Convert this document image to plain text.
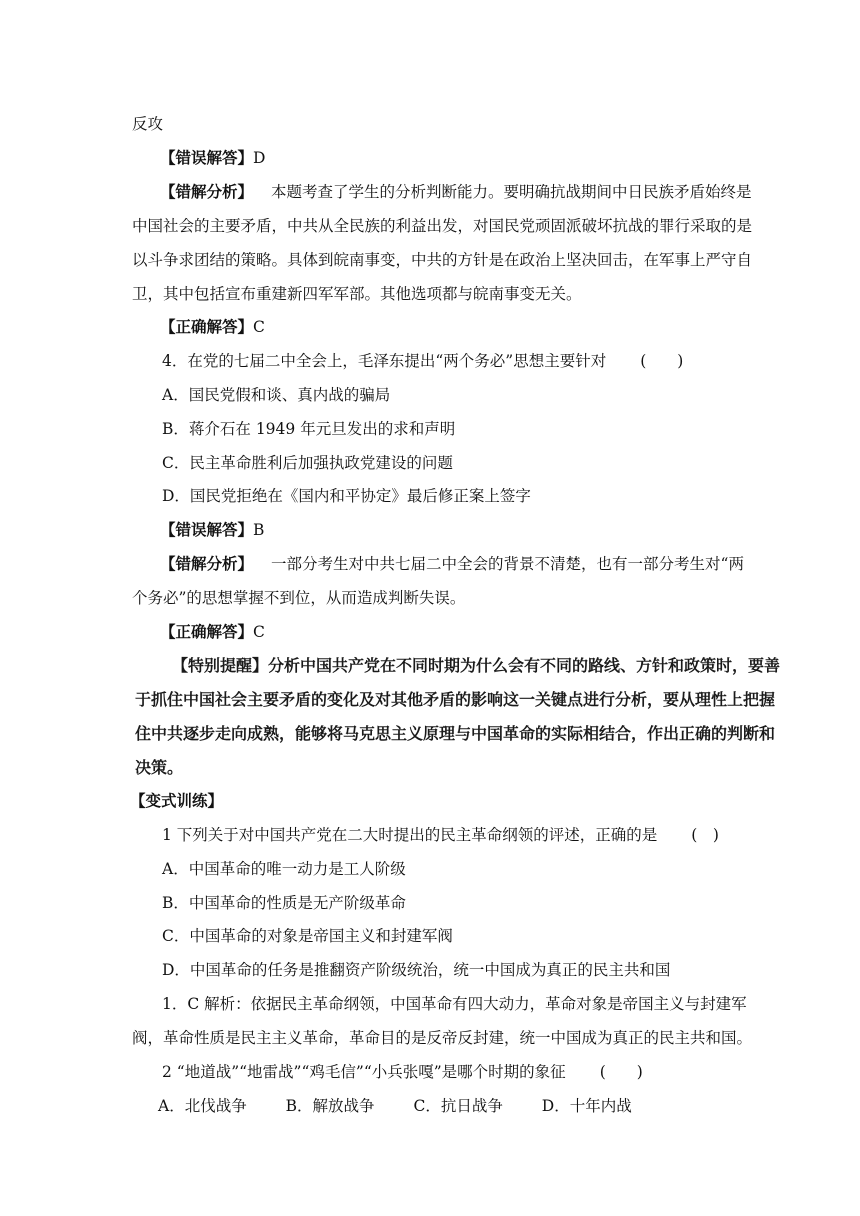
反攻
【错误解答】D
【错解分析】 本题考查了学生的分析判断能力。要明确抗战期间中日民族矛盾始终是
中国社会的主要矛盾，中共从全民族的利益出发，对国民党顽固派破坏抗战的罪行采取的是
以斗争求团结的策略。具体到皖南事变，中共的方针是在政治上坚决回击，在军事上严守自
卫，其中包括宣布重建新四军军部。其他选项都与皖南事变无关。
【正确解答】C
4．在党的七届二中全会上，毛泽东提出“两个务必”思想主要针对 (　　)
A．国民党假和谈、真内战的骗局
B．蒋介石在 1949 年元旦发出的求和声明
C．民主革命胜利后加强执政党建设的问题
D．国民党拒绝在《国内和平协定》最后修正案上签字
【错误解答】B
【错解分析】 一部分考生对中共七届二中全会的背景不清楚，也有一部分考生对“两
个务必”的思想掌握不到位，从而造成判断失误。
【正确解答】C
【特别提醒】分析中国共产党在不同时期为什么会有不同的路线、方针和政策时，要善
于抓住中国社会主要矛盾的变化及对其他矛盾的影响这一关键点进行分析，要从理性上把握
住中共逐步走向成熟，能够将马克思主义原理与中国革命的实际相结合，作出正确的判断和
决策。
【变式训练】
1 下列关于对中国共产党在二大时提出的民主革命纲领的评述，正确的是 (　)
A．中国革命的唯一动力是工人阶级
B．中国革命的性质是无产阶级革命
C．中国革命的对象是帝国主义和封建军阀
D．中国革命的任务是推翻资产阶级统治，统一中国成为真正的民主共和国
1．C 解析：依据民主革命纲领，中国革命有四大动力，革命对象是帝国主义与封建军
阀，革命性质是民主主义革命，革命目的是反帝反封建，统一中国成为真正的民主共和国。
2 “地道战”“地雷战”“鸡毛信”“小兵张嘎”是哪个时期的象征 (　　)
A．北伐战争	B．解放战争	C．抗日战争	D．十年内战
